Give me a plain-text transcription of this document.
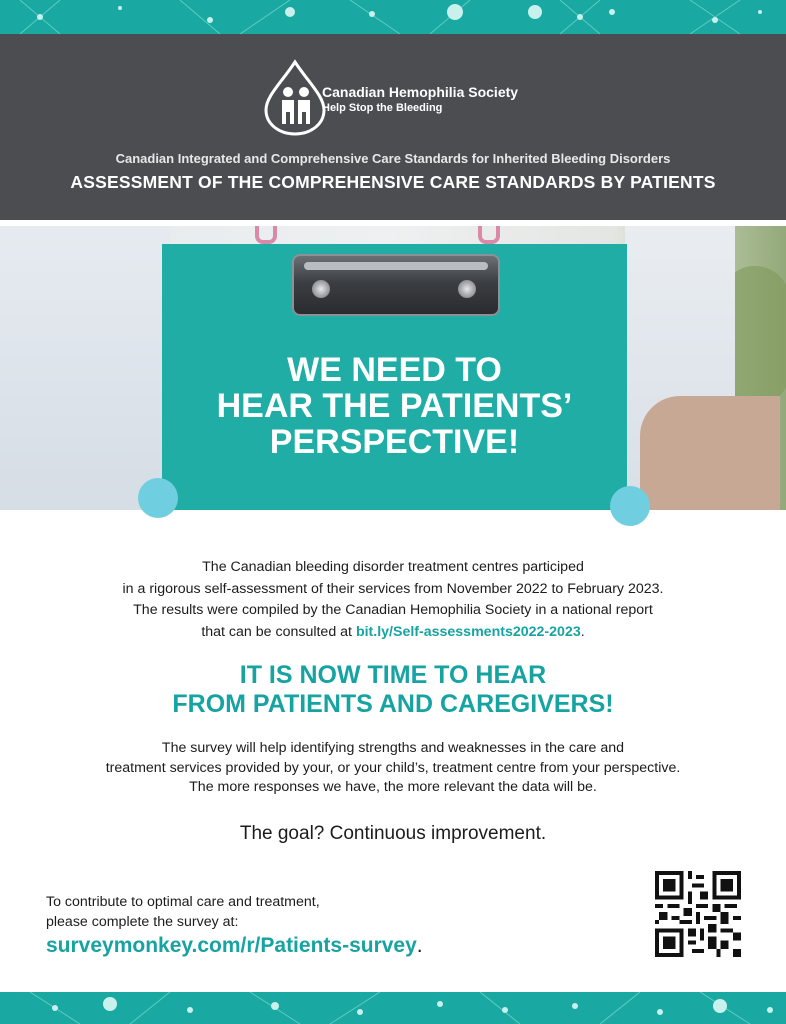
Canadian Hemophilia Society
Help Stop the Bleeding
Canadian Integrated and Comprehensive Care Standards for Inherited Bleeding Disorders
ASSESSMENT OF THE COMPREHENSIVE CARE STANDARDS BY PATIENTS
WE NEED TO
HEAR THE PATIENTS’
PERSPECTIVE!
The Canadian bleeding disorder treatment centres participed
in a rigorous self-assessment of their services from November 2022 to February 2023.
The results were compiled by the Canadian Hemophilia Society in a national report
that can be consulted at bit.ly/Self-assessments2022-2023.
IT IS NOW TIME TO HEAR
FROM PATIENTS AND CAREGIVERS!
The survey will help identifying strengths and weaknesses in the care and
treatment services provided by your, or your child’s, treatment centre from your perspective.
The more responses we have, the more relevant the data will be.
The goal? Continuous improvement.
To contribute to optimal care and treatment,
please complete the survey at:
surveymonkey.com/r/Patients-survey.
